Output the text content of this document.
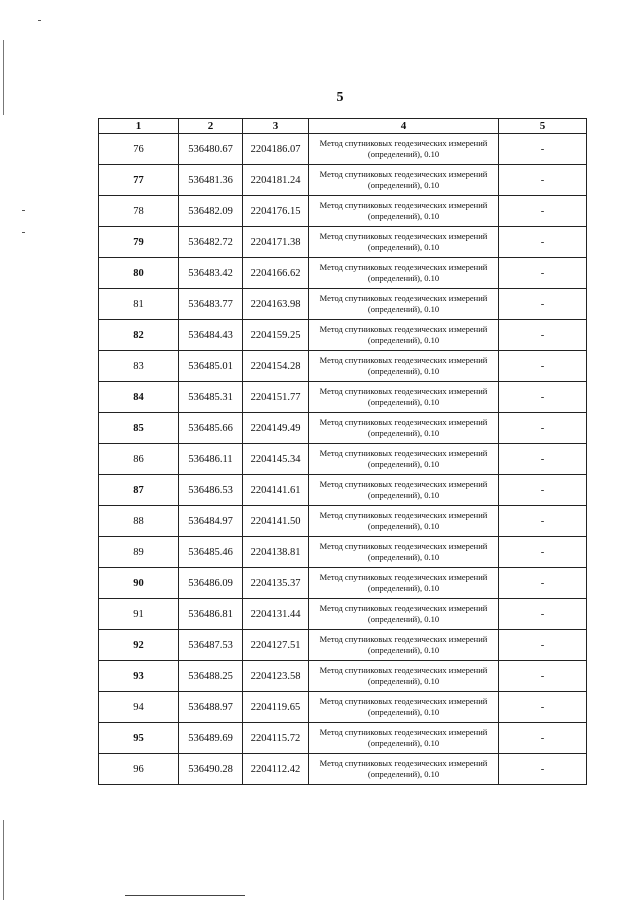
5
1	2	3	4	5
76	536480.67	2204186.07	Метод спутниковых геодезических измерений (определений), 0.10	-
77	536481.36	2204181.24	Метод спутниковых геодезических измерений (определений), 0.10	-
78	536482.09	2204176.15	Метод спутниковых геодезических измерений (определений), 0.10	-
79	536482.72	2204171.38	Метод спутниковых геодезических измерений (определений), 0.10	-
80	536483.42	2204166.62	Метод спутниковых геодезических измерений (определений), 0.10	-
81	536483.77	2204163.98	Метод спутниковых геодезических измерений (определений), 0.10	-
82	536484.43	2204159.25	Метод спутниковых геодезических измерений (определений), 0.10	-
83	536485.01	2204154.28	Метод спутниковых геодезических измерений (определений), 0.10	-
84	536485.31	2204151.77	Метод спутниковых геодезических измерений (определений), 0.10	-
85	536485.66	2204149.49	Метод спутниковых геодезических измерений (определений), 0.10	-
86	536486.11	2204145.34	Метод спутниковых геодезических измерений (определений), 0.10	-
87	536486.53	2204141.61	Метод спутниковых геодезических измерений (определений), 0.10	-
88	536484.97	2204141.50	Метод спутниковых геодезических измерений (определений), 0.10	-
89	536485.46	2204138.81	Метод спутниковых геодезических измерений (определений), 0.10	-
90	536486.09	2204135.37	Метод спутниковых геодезических измерений (определений), 0.10	-
91	536486.81	2204131.44	Метод спутниковых геодезических измерений (определений), 0.10	-
92	536487.53	2204127.51	Метод спутниковых геодезических измерений (определений), 0.10	-
93	536488.25	2204123.58	Метод спутниковых геодезических измерений (определений), 0.10	-
94	536488.97	2204119.65	Метод спутниковых геодезических измерений (определений), 0.10	-
95	536489.69	2204115.72	Метод спутниковых геодезических измерений (определений), 0.10	-
96	536490.28	2204112.42	Метод спутниковых геодезических измерений (определений), 0.10	-
